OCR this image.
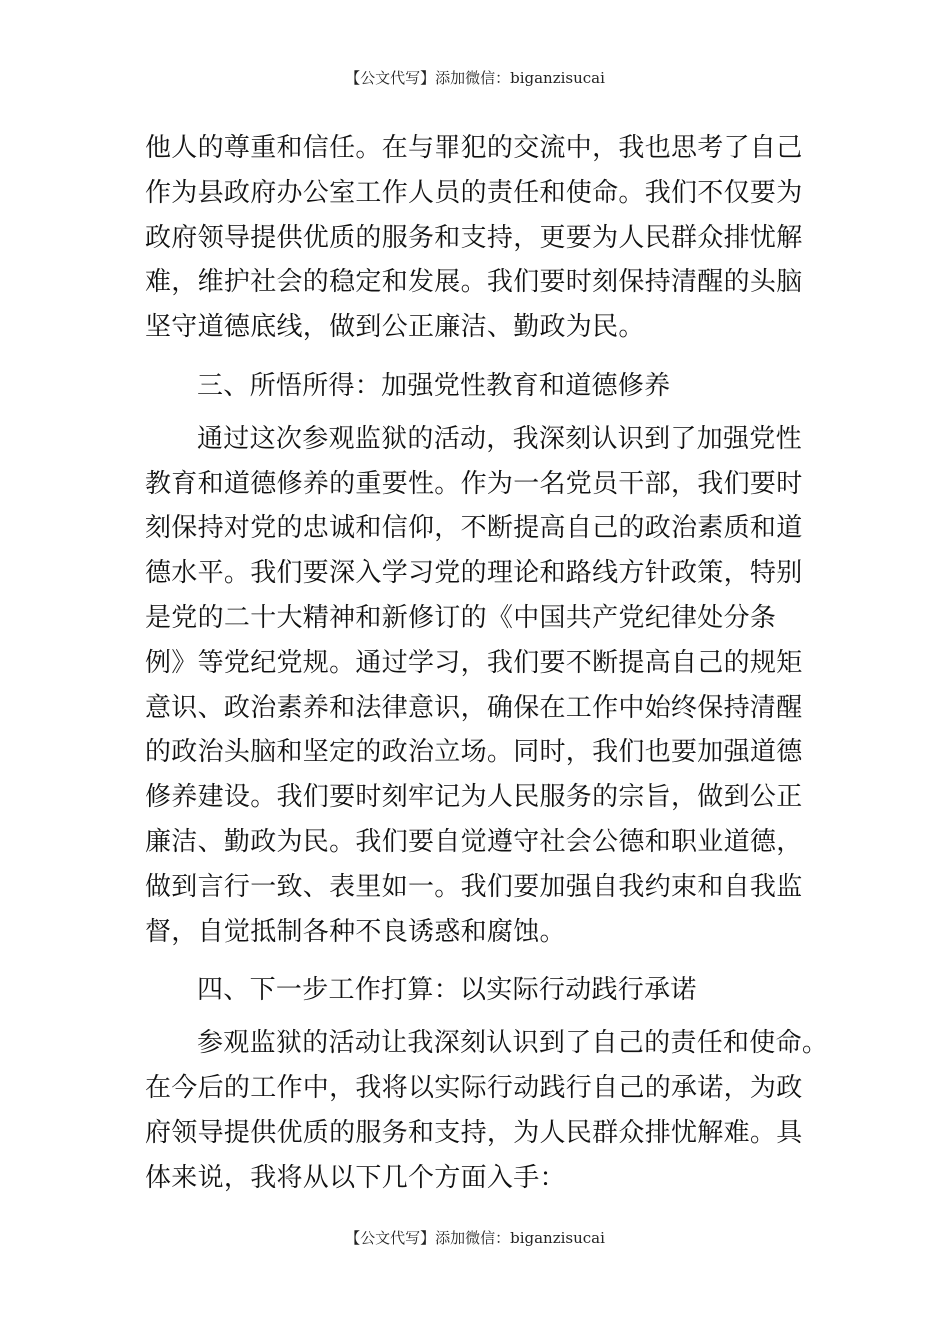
【公文代写】添加微信：biganzisucai
他人的尊重和信任。在与罪犯的交流中，我也思考了自己
作为县政府办公室工作人员的责任和使命。我们不仅要为
政府领导提供优质的服务和支持，更要为人民群众排忧解
难，维护社会的稳定和发展。我们要时刻保持清醒的头脑
坚守道德底线，做到公正廉洁、勤政为民。
三、所悟所得：加强党性教育和道德修养
通过这次参观监狱的活动，我深刻认识到了加强党性
教育和道德修养的重要性。作为一名党员干部，我们要时
刻保持对党的忠诚和信仰，不断提高自己的政治素质和道
德水平。我们要深入学习党的理论和路线方针政策，特别
是党的二十大精神和新修订的《中国共产党纪律处分条
例》等党纪党规。通过学习，我们要不断提高自己的规矩
意识、政治素养和法律意识，确保在工作中始终保持清醒
的政治头脑和坚定的政治立场。同时，我们也要加强道德
修养建设。我们要时刻牢记为人民服务的宗旨，做到公正
廉洁、勤政为民。我们要自觉遵守社会公德和职业道德，
做到言行一致、表里如一。我们要加强自我约束和自我监
督，自觉抵制各种不良诱惑和腐蚀。
四、下一步工作打算：以实际行动践行承诺
参观监狱的活动让我深刻认识到了自己的责任和使命。
在今后的工作中，我将以实际行动践行自己的承诺，为政
府领导提供优质的服务和支持，为人民群众排忧解难。具
体来说，我将从以下几个方面入手：
【公文代写】添加微信：biganzisucai
